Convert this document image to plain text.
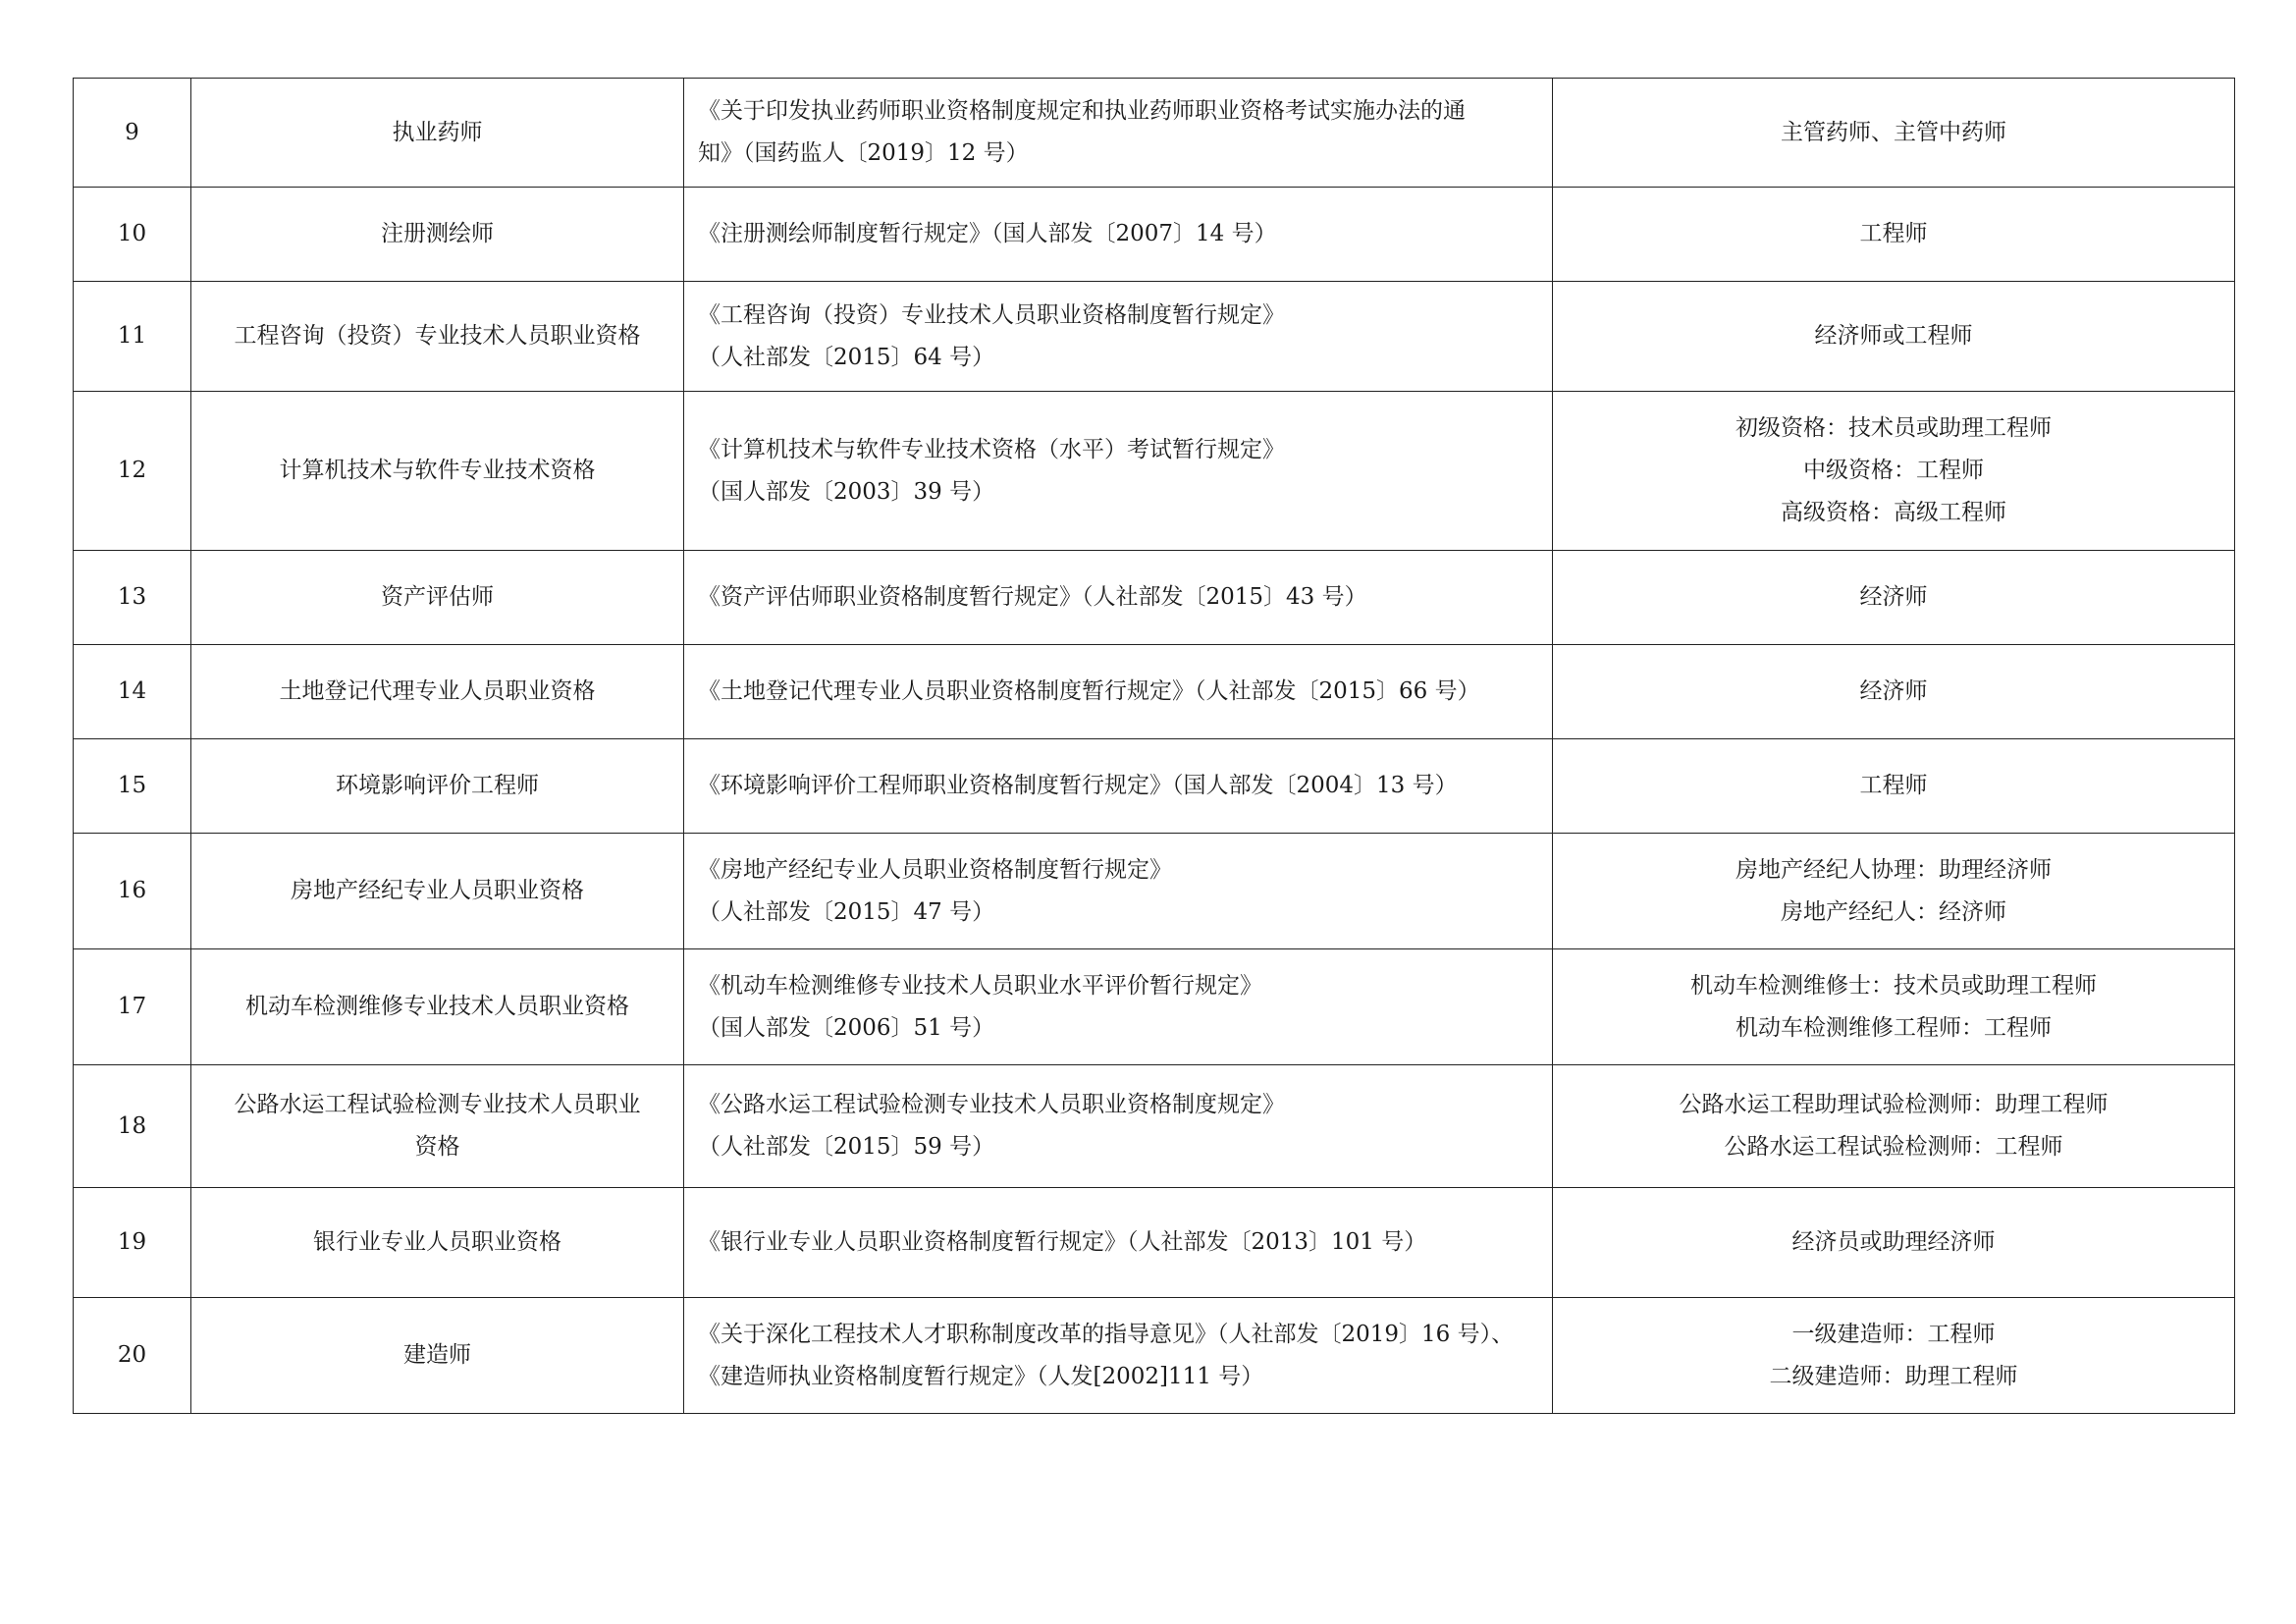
9	执业药师	《关于印发执业药师职业资格制度规定和执业药师职业资格考试实施办法的通
知》（国药监人〔2019〕12 号）	主管药师、主管中药师

10	注册测绘师	《注册测绘师制度暂行规定》（国人部发〔2007〕14 号）	工程师

11	工程咨询（投资）专业技术人员职业资格	《工程咨询（投资）专业技术人员职业资格制度暂行规定》
（人社部发〔2015〕64 号）	经济师或工程师

12	计算机技术与软件专业技术资格	《计算机技术与软件专业技术资格（水平）考试暂行规定》
（国人部发〔2003〕39 号）	初级资格：技术员或助理工程师
中级资格：工程师
高级资格：高级工程师

13	资产评估师	《资产评估师职业资格制度暂行规定》（人社部发〔2015〕43 号）	经济师

14	土地登记代理专业人员职业资格	《土地登记代理专业人员职业资格制度暂行规定》（人社部发〔2015〕66 号）	经济师

15	环境影响评价工程师	《环境影响评价工程师职业资格制度暂行规定》（国人部发〔2004〕13 号）	工程师

16	房地产经纪专业人员职业资格	《房地产经纪专业人员职业资格制度暂行规定》
（人社部发〔2015〕47 号）	房地产经纪人协理：助理经济师
房地产经纪人：经济师

17	机动车检测维修专业技术人员职业资格	《机动车检测维修专业技术人员职业水平评价暂行规定》
（国人部发〔2006〕51 号）	机动车检测维修士：技术员或助理工程师
机动车检测维修工程师：工程师

18	公路水运工程试验检测专业技术人员职业
资格	《公路水运工程试验检测专业技术人员职业资格制度规定》
（人社部发〔2015〕59 号）	公路水运工程助理试验检测师：助理工程师
公路水运工程试验检测师：工程师

19	银行业专业人员职业资格	《银行业专业人员职业资格制度暂行规定》（人社部发〔2013〕101 号）	经济员或助理经济师

20	建造师	《关于深化工程技术人才职称制度改革的指导意见》（人社部发〔2019〕16 号）、
《建造师执业资格制度暂行规定》（人发[2002]111 号）	一级建造师：工程师
二级建造师：助理工程师
